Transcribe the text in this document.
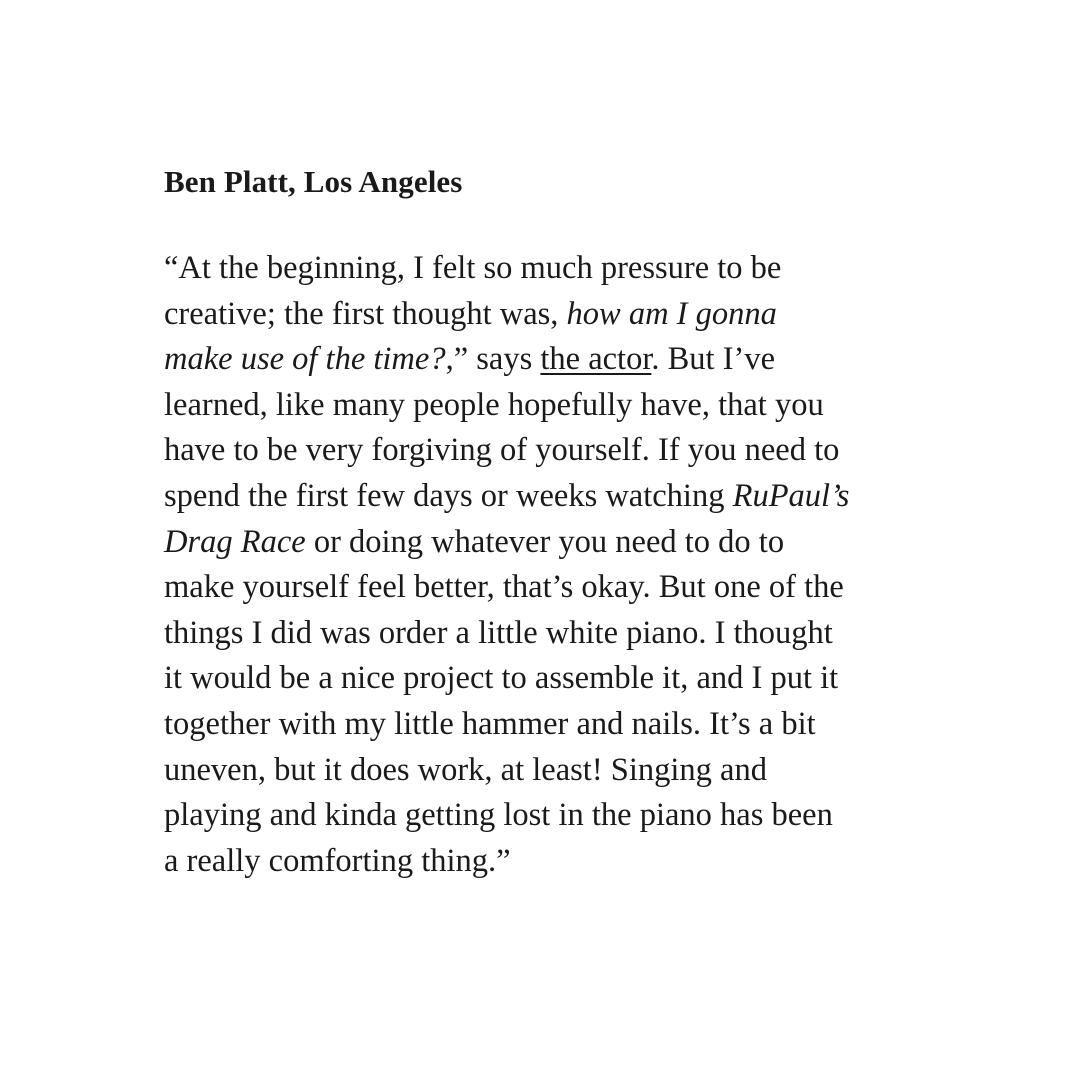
Ben Platt, Los Angeles

“At the beginning, I felt so much pressure to be
creative; the first thought was, how am I gonna
make use of the time?,” says the actor. But I’ve
learned, like many people hopefully have, that you
have to be very forgiving of yourself. If you need to
spend the first few days or weeks watching RuPaul’s
Drag Race or doing whatever you need to do to
make yourself feel better, that’s okay. But one of the
things I did was order a little white piano. I thought
it would be a nice project to assemble it, and I put it
together with my little hammer and nails. It’s a bit
uneven, but it does work, at least! Singing and
playing and kinda getting lost in the piano has been
a really comforting thing.”
